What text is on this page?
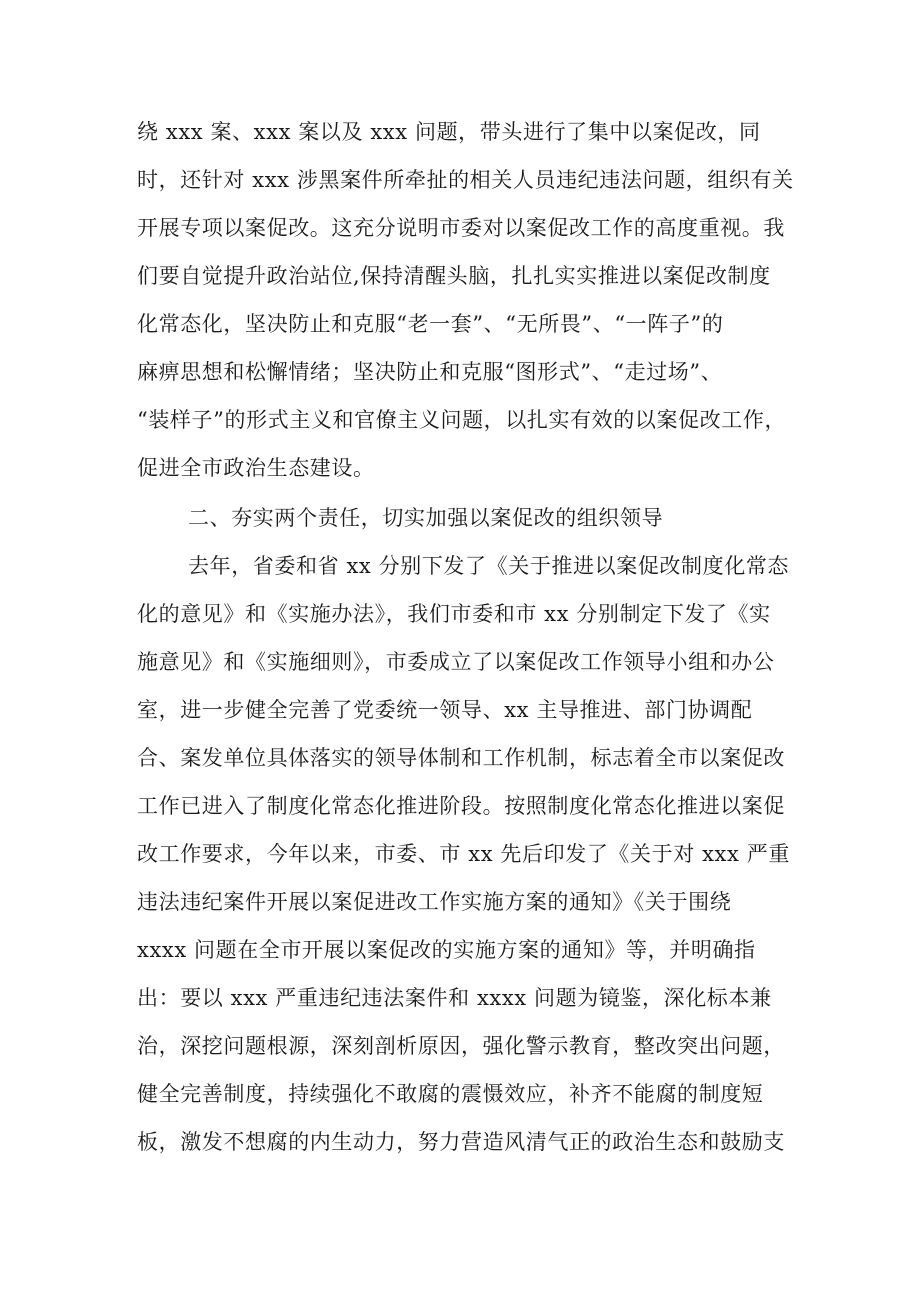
绕 xxx 案、xxx 案以及 xxx 问题，带头进行了集中以案促改，同

时，还针对 xxx 涉黑案件所牵扯的相关人员违纪违法问题，组织有关

开展专项以案促改。这充分说明市委对以案促改工作的高度重视。我

们要自觉提升政治站位,保持清醒头脑，扎扎实实推进以案促改制度

化常态化，坚决防止和克服“老一套”、“无所畏”、“一阵子”的

麻痹思想和松懈情绪；坚决防止和克服“图形式”、“走过场”、

“装样子”的形式主义和官僚主义问题，以扎实有效的以案促改工作，

促进全市政治生态建设。

二、夯实两个责任，切实加强以案促改的组织领导

去年，省委和省 xx 分别下发了《关于推进以案促改制度化常态

化的意见》和《实施办法》，我们市委和市 xx 分别制定下发了《实

施意见》和《实施细则》，市委成立了以案促改工作领导小组和办公

室，进一步健全完善了党委统一领导、xx 主导推进、部门协调配

合、案发单位具体落实的领导体制和工作机制，标志着全市以案促改

工作已进入了制度化常态化推进阶段。按照制度化常态化推进以案促

改工作要求，今年以来，市委、市 xx 先后印发了《关于对 xxx 严重

违法违纪案件开展以案促进改工作实施方案的通知》《关于围绕

xxxx 问题在全市开展以案促改的实施方案的通知》等，并明确指

出：要以 xxx 严重违纪违法案件和 xxxx 问题为镜鉴，深化标本兼

治，深挖问题根源，深刻剖析原因，强化警示教育，整改突出问题，

健全完善制度，持续强化不敢腐的震慑效应，补齐不能腐的制度短

板，激发不想腐的内生动力，努力营造风清气正的政治生态和鼓励支
